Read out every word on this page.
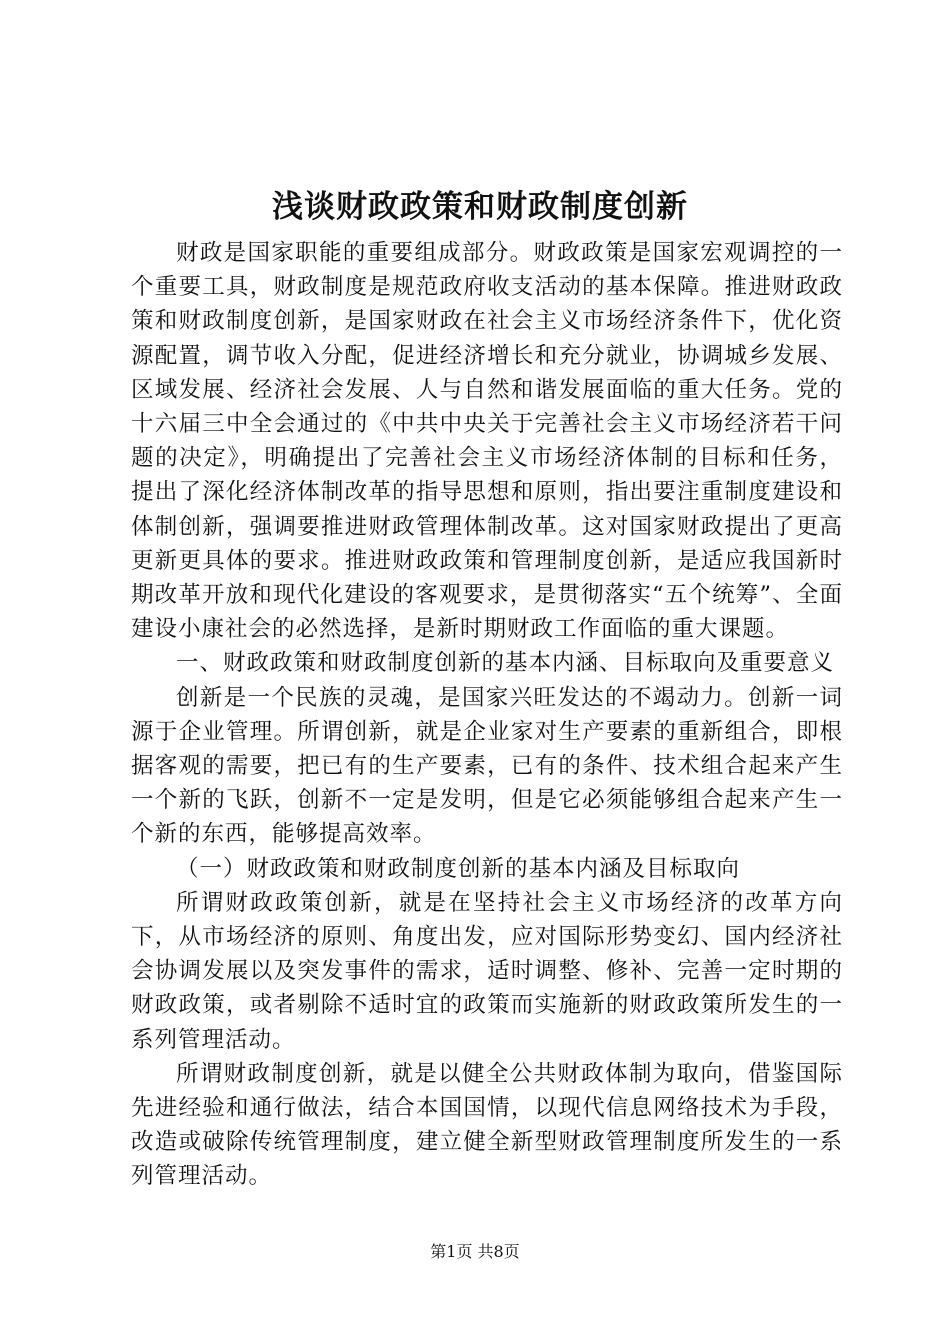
浅谈财政政策和财政制度创新

财政是国家职能的重要组成部分。财政政策是国家宏观调控的一个重要工具，财政制度是规范政府收支活动的基本保障。推进财政政策和财政制度创新，是国家财政在社会主义市场经济条件下，优化资源配置，调节收入分配，促进经济增长和充分就业，协调城乡发展、区域发展、经济社会发展、人与自然和谐发展面临的重大任务。党的十六届三中全会通过的《中共中央关于完善社会主义市场经济若干问题的决定》，明确提出了完善社会主义市场经济体制的目标和任务，提出了深化经济体制改革的指导思想和原则，指出要注重制度建设和体制创新，强调要推进财政管理体制改革。这对国家财政提出了更高更新更具体的要求。推进财政政策和管理制度创新，是适应我国新时期改革开放和现代化建设的客观要求，是贯彻落实“五个统筹”、全面建设小康社会的必然选择，是新时期财政工作面临的重大课题。

一、财政政策和财政制度创新的基本内涵、目标取向及重要意义

创新是一个民族的灵魂，是国家兴旺发达的不竭动力。创新一词源于企业管理。所谓创新，就是企业家对生产要素的重新组合，即根据客观的需要，把已有的生产要素，已有的条件、技术组合起来产生一个新的飞跃，创新不一定是发明，但是它必须能够组合起来产生一个新的东西，能够提高效率。

（一）财政政策和财政制度创新的基本内涵及目标取向

所谓财政政策创新，就是在坚持社会主义市场经济的改革方向下，从市场经济的原则、角度出发，应对国际形势变幻、国内经济社会协调发展以及突发事件的需求，适时调整、修补、完善一定时期的财政政策，或者剔除不适时宜的政策而实施新的财政政策所发生的一系列管理活动。

所谓财政制度创新，就是以健全公共财政体制为取向，借鉴国际先进经验和通行做法，结合本国国情，以现代信息网络技术为手段，改造或破除传统管理制度，建立健全新型财政管理制度所发生的一系列管理活动。

第1页 共8页
